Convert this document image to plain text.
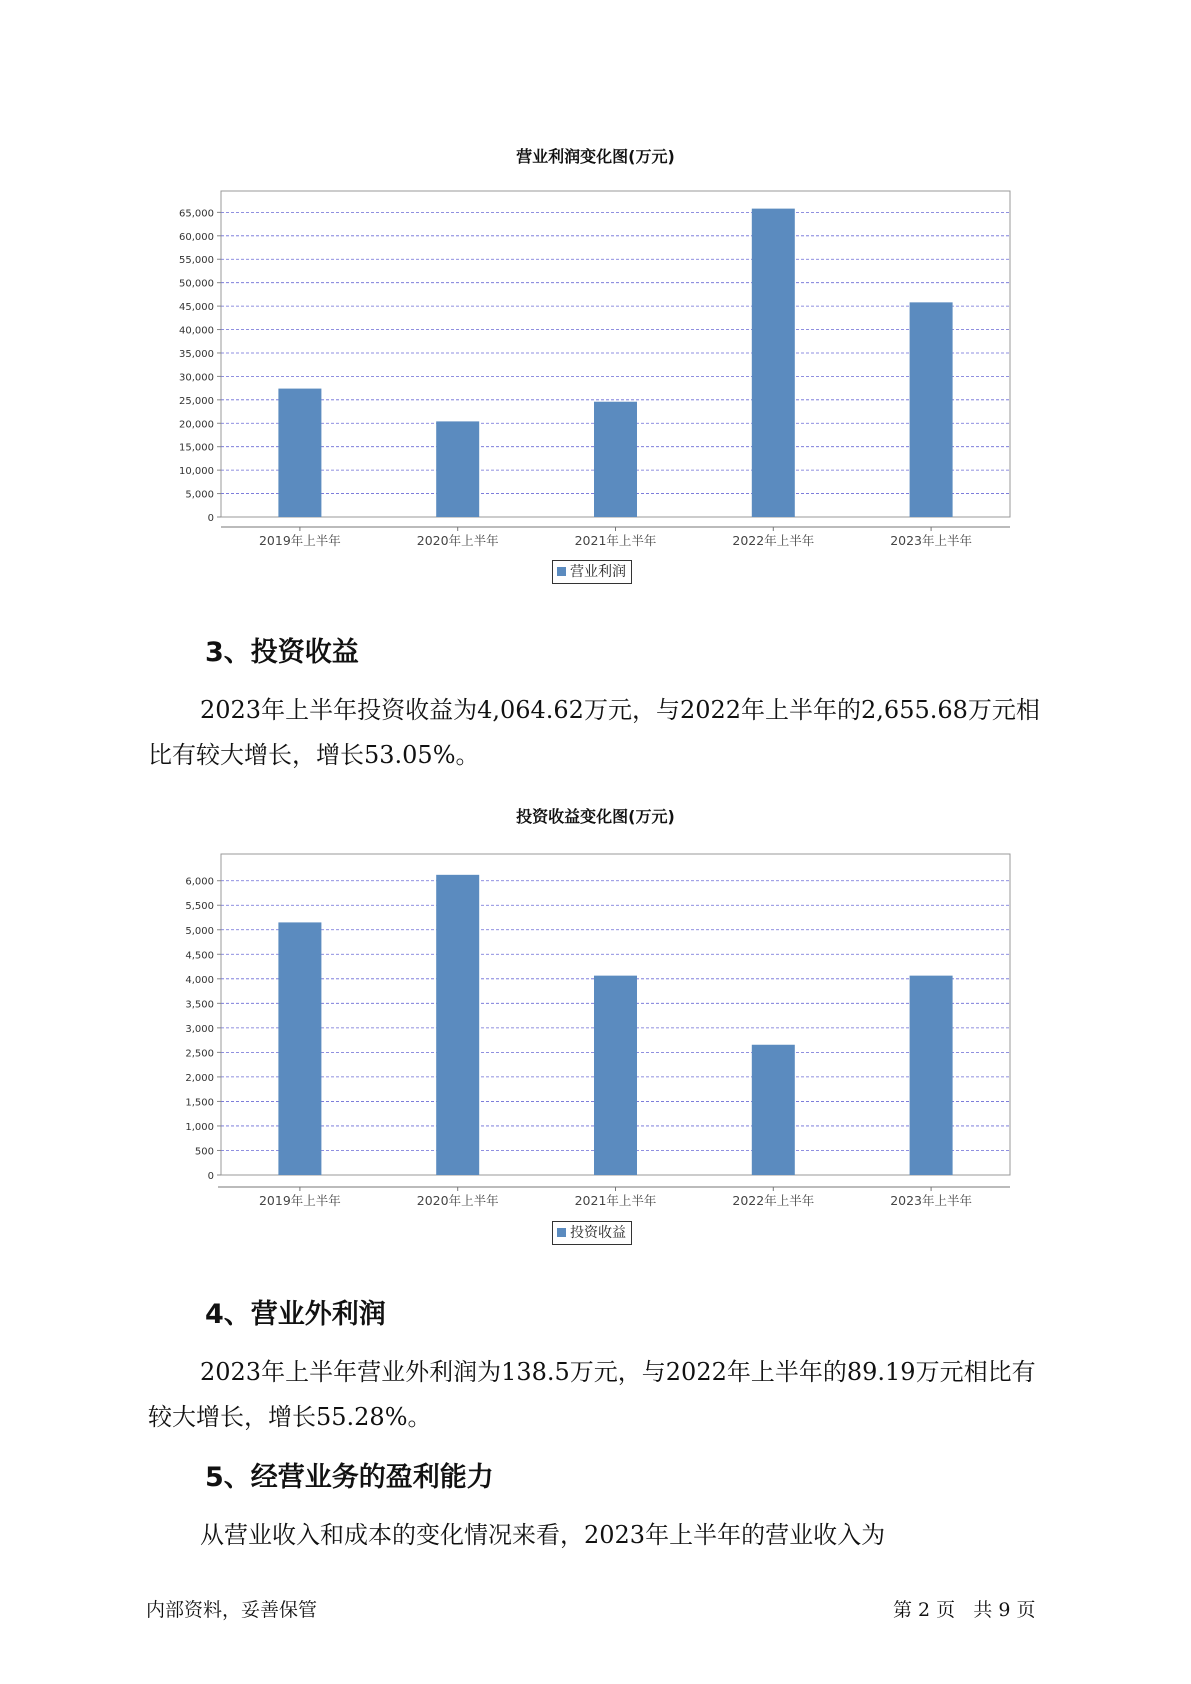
营业利润变化图(万元)
0
5,000
10,000
15,000
20,000
25,000
30,000
35,000
40,000
45,000
50,000
55,000
60,000
65,000
2019年上半年	2020年上半年	2021年上半年	2022年上半年	2023年上半年
营业利润
3、投资收益
2023年上半年投资收益为4,064.62万元，与2022年上半年的2,655.68万元相比有较大增长，增长53.05%。
投资收益变化图(万元)
0
500
1,000
1,500
2,000
2,500
3,000
3,500
4,000
4,500
5,000
5,500
6,000
2019年上半年	2020年上半年	2021年上半年	2022年上半年	2023年上半年
投资收益
4、营业外利润
2023年上半年营业外利润为138.5万元，与2022年上半年的89.19万元相比有较大增长，增长55.28%。
5、经营业务的盈利能力
从营业收入和成本的变化情况来看，2023年上半年的营业收入为
内部资料，妥善保管	第 2 页   共 9 页
